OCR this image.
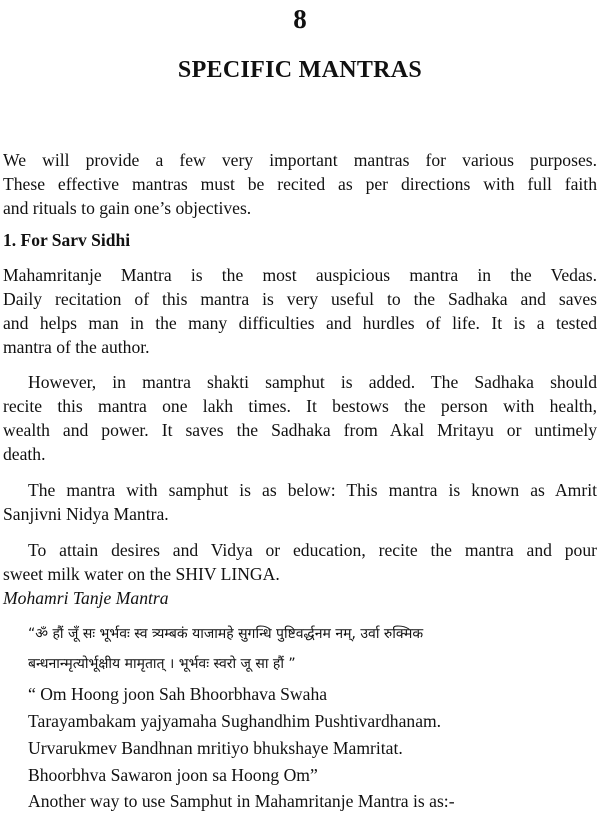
8
SPECIFIC MANTRAS
We will provide a few very important mantras for various purposes.
These effective mantras must be recited as per directions with full faith
and rituals to gain one’s objectives.
1. For Sarv Sidhi
Mahamritanje Mantra is the most auspicious mantra in the Vedas.
Daily recitation of this mantra is very useful to the Sadhaka and saves
and helps man in the many difficulties and hurdles of life. It is a tested
mantra of the author.
However, in mantra shakti samphut is added. The Sadhaka should
recite this mantra one lakh times. It bestows the person with health,
wealth and power. It saves the Sadhaka from Akal Mritayu or untimely
death.
The mantra with samphut is as below: This mantra is known as Amrit
Sanjivni Nidya Mantra.
To attain desires and Vidya or education, recite the mantra and pour
sweet milk water on the SHIV LINGA.
Mohamri Tanje Mantra
“ॐ हौं जूँ सः भूर्भवः स्व त्र्यम्बकं याजामहे सुगन्धि पुष्टिवर्द्धनम नम्, उर्वा रुक्मिक
बन्धनान्मृत्योर्भूक्षीय मामृतात् । भूर्भवः स्वरो जू सा हौं ”
“ Om Hoong joon Sah Bhoorbhava Swaha
Tarayambakam yajyamaha Sughandhim Pushtivardhanam.
Urvarukmev Bandhnan mritiyo bhukshaye Mamritat.
Bhoorbhva Sawaron joon sa Hoong Om”
Another way to use Samphut in Mahamritanje Mantra is as:-
